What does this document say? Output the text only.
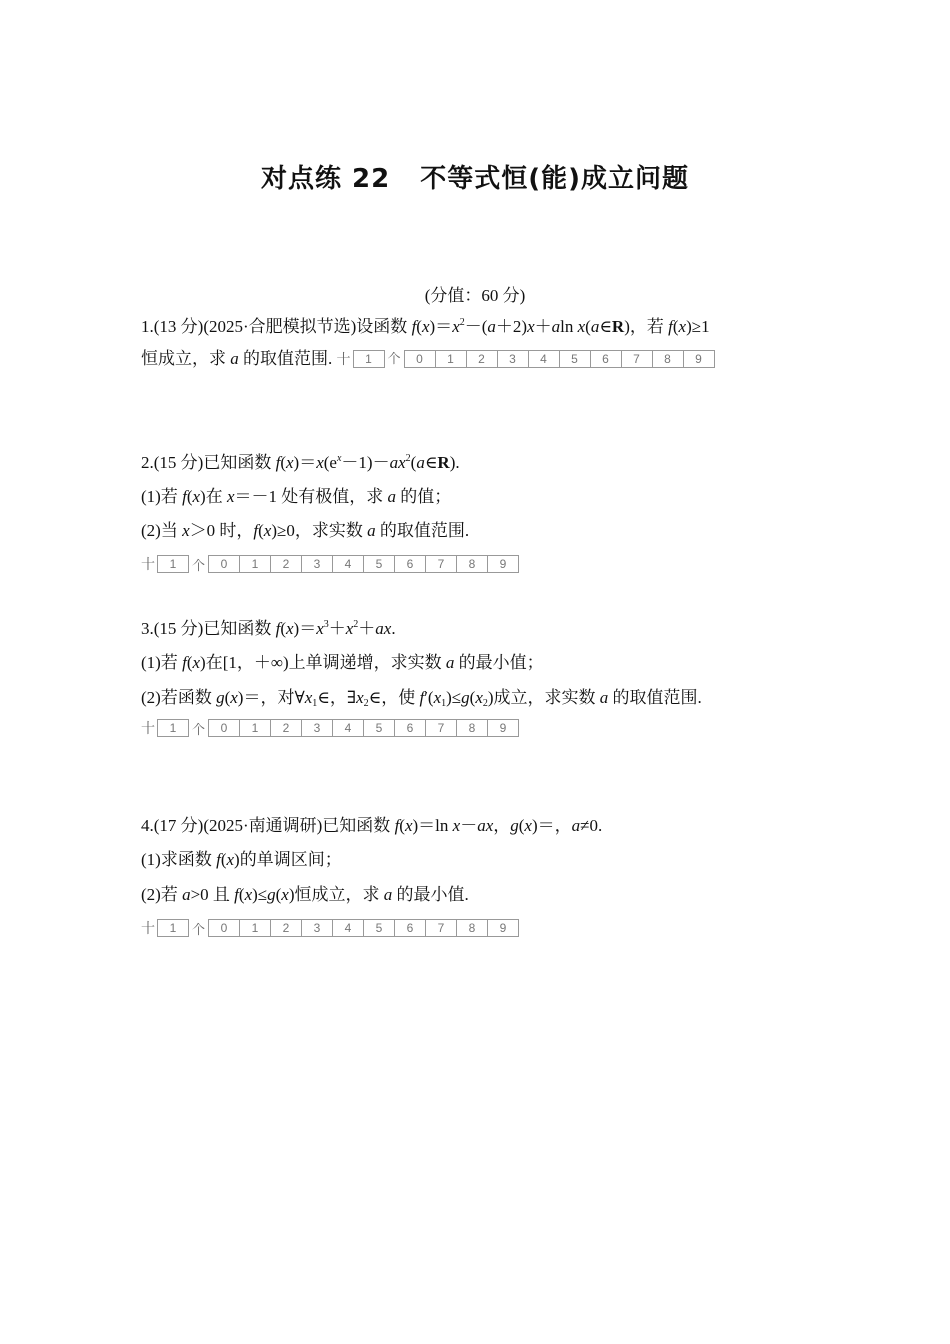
对点练 22 不等式恒(能)成立问题
(分值：60 分)
1.(13 分)(2025·合肥模拟节选)设函数 $f(x)=x^2-(a+2)x+aln$ x(a∈R)，若 f(x)≥1
恒成立，求 a 的取值范围. 十	1	个	0	1	2	3	4	5	6	7	8	9
2.(15 分)已知函数 $f(x)=x(e^x-1)-ax^2(a\in R)$.
(1)若 f(x)在 x＝－1 处有极值，求 a 的值；
(2)当 x＞0 时，f(x)≥0，求实数 a 的取值范围.
十	1	个	0	1	2	3	4	5	6	7	8	9
3.(15 分)已知函数 $f(x)=x^3+x^2+ax$.
(1)若 f(x)在[1，＋∞)上单调递增，求实数 a 的最小值；
(2)若函数 g(x)＝，对$\forall x_1\in$，$\exists x_2\in$，使 $f'(x_1)\le g(x_2)$成立，求实数 a 的取值范围.
十	1	个	0	1	2	3	4	5	6	7	8	9
4.(17 分)(2025·南通调研)已知函数 f(x)＝ln x－ax，g(x)＝，a≠0.
(1)求函数 f(x)的单调区间；
(2)若 a>0 且 f(x)≤g(x)恒成立，求 a 的最小值.
十	1	个	0	1	2	3	4	5	6	7	8	9
